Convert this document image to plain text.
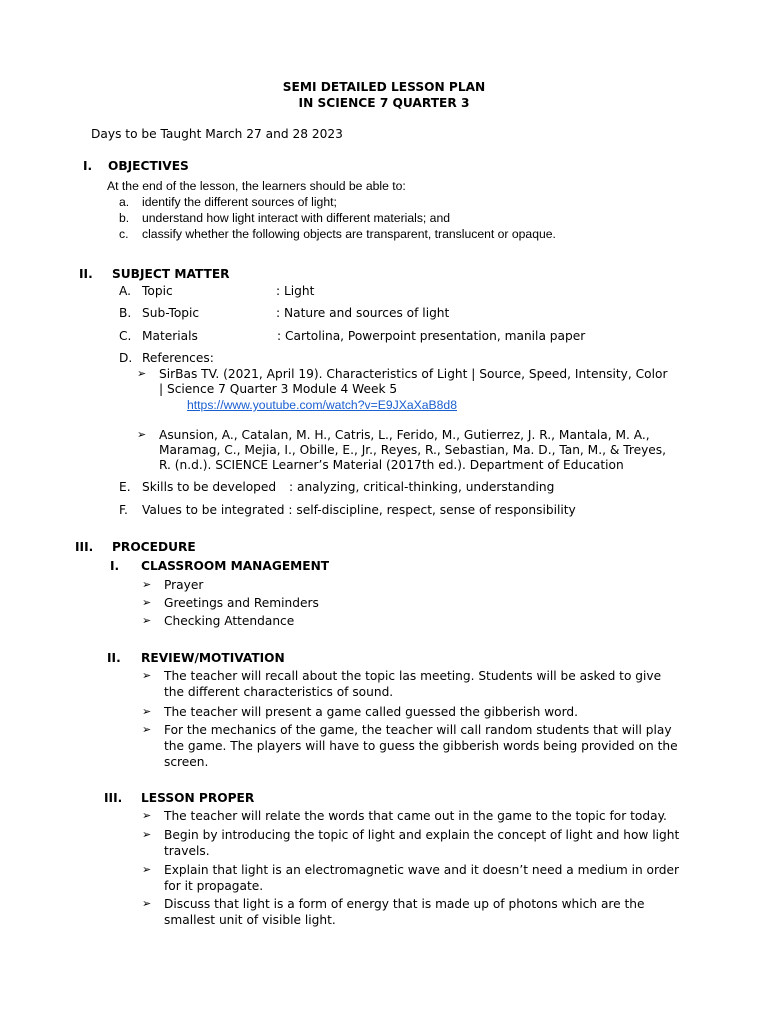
SEMI DETAILED LESSON PLAN
IN SCIENCE 7 QUARTER 3
Days to be Taught March 27 and 28 2023
I. OBJECTIVES
At the end of the lesson, the learners should be able to:
a. identify the different sources of light;
b. understand how light interact with different materials; and
c. classify whether the following objects are transparent, translucent or opaque.
II. SUBJECT MATTER
A. Topic	: Light
B. Sub-Topic	: Nature and sources of light
C. Materials	: Cartolina, Powerpoint presentation, manila paper
D. References:
➢ SirBas TV. (2021, April 19). Characteristics of Light | Source, Speed, Intensity, Color
| Science 7 Quarter 3 Module 4 Week 5
https://www.youtube.com/watch?v=E9JXaXaB8d8
➢ Asunsion, A., Catalan, M. H., Catris, L., Ferido, M., Gutierrez, J. R., Mantala, M. A.,
Maramag, C., Mejia, I., Obille, E., Jr., Reyes, R., Sebastian, Ma. D., Tan, M., & Treyes,
R. (n.d.). SCIENCE Learner’s Material (2017th ed.). Department of Education
E. Skills to be developed : analyzing, critical-thinking, understanding
F. Values to be integrated : self-discipline, respect, sense of responsibility
III. PROCEDURE
I. CLASSROOM MANAGEMENT
➢ Prayer
➢ Greetings and Reminders
➢ Checking Attendance
II. REVIEW/MOTIVATION
➢ The teacher will recall about the topic las meeting. Students will be asked to give
the different characteristics of sound.
➢ The teacher will present a game called guessed the gibberish word.
➢ For the mechanics of the game, the teacher will call random students that will play
the game. The players will have to guess the gibberish words being provided on the
screen.
III. LESSON PROPER
➢ The teacher will relate the words that came out in the game to the topic for today.
➢ Begin by introducing the topic of light and explain the concept of light and how light
travels.
➢ Explain that light is an electromagnetic wave and it doesn’t need a medium in order
for it propagate.
➢ Discuss that light is a form of energy that is made up of photons which are the
smallest unit of visible light.
